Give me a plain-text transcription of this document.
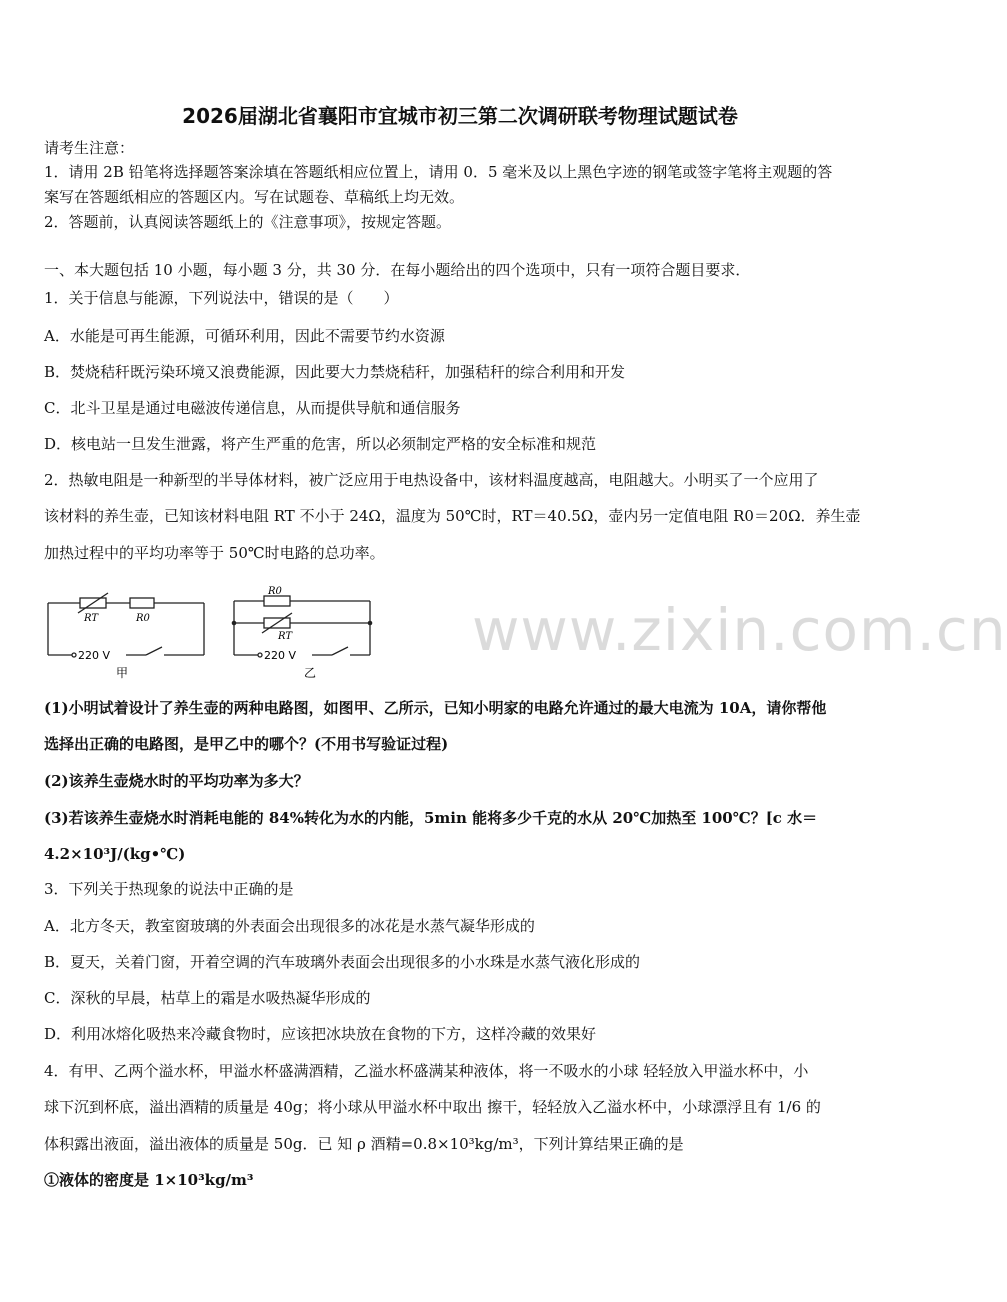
2026届湖北省襄阳市宜城市初三第二次调研联考物理试题试卷
请考生注意：
1．请用 2B 铅笔将选择题答案涂填在答题纸相应位置上，请用 0．5 毫米及以上黑色字迹的钢笔或签字笔将主观题的答
案写在答题纸相应的答题区内。写在试题卷、草稿纸上均无效。
2．答题前，认真阅读答题纸上的《注意事项》，按规定答题。
一、本大题包括 10 小题，每小题 3 分，共 30 分．在每小题给出的四个选项中，只有一项符合题目要求．
1．关于信息与能源，下列说法中，错误的是（　　）
A．水能是可再生能源，可循环利用，因此不需要节约水资源
B．焚烧秸秆既污染环境又浪费能源，因此要大力禁烧秸秆，加强秸秆的综合利用和开发
C．北斗卫星是通过电磁波传递信息，从而提供导航和通信服务
D．核电站一旦发生泄露，将产生严重的危害，所以必须制定严格的安全标准和规范
2．热敏电阻是一种新型的半导体材料，被广泛应用于电热设备中，该材料温度越高，电阻越大。小明买了一个应用了
该材料的养生壶，已知该材料电阻 RT 不小于 24Ω，温度为 50℃时，RT＝40.5Ω，壶内另一定值电阻 R0＝20Ω．养生壶
加热过程中的平均功率等于 50℃时电路的总功率。
RT	R0
220 V
甲
R0
RT
220 V
乙
www.zixin.com.cn
(1)小明试着设计了养生壶的两种电路图，如图甲、乙所示，已知小明家的电路允许通过的最大电流为 10A，请你帮他
选择出正确的电路图，是甲乙中的哪个？(不用书写验证过程)
(2)该养生壶烧水时的平均功率为多大？
(3)若该养生壶烧水时消耗电能的 84%转化为水的内能，5min 能将多少千克的水从 20℃加热至 100℃？[c 水＝
4.2×10³J/(kg•℃)
3．下列关于热现象的说法中正确的是
A．北方冬天，教室窗玻璃的外表面会出现很多的冰花是水蒸气凝华形成的
B．夏天，关着门窗，开着空调的汽车玻璃外表面会出现很多的小水珠是水蒸气液化形成的
C．深秋的早晨，枯草上的霜是水吸热凝华形成的
D．利用冰熔化吸热来冷藏食物时，应该把冰块放在食物的下方，这样冷藏的效果好
4．有甲、乙两个溢水杯，甲溢水杯盛满酒精，乙溢水杯盛满某种液体，将一不吸水的小球 轻轻放入甲溢水杯中，小
球下沉到杯底，溢出酒精的质量是 40g；将小球从甲溢水杯中取出 擦干，轻轻放入乙溢水杯中，小球漂浮且有 1/6 的
体积露出液面，溢出液体的质量是 50g．已 知 ρ 酒精=0.8×10³kg/m³，下列计算结果正确的是
①液体的密度是 1×10³kg/m³
